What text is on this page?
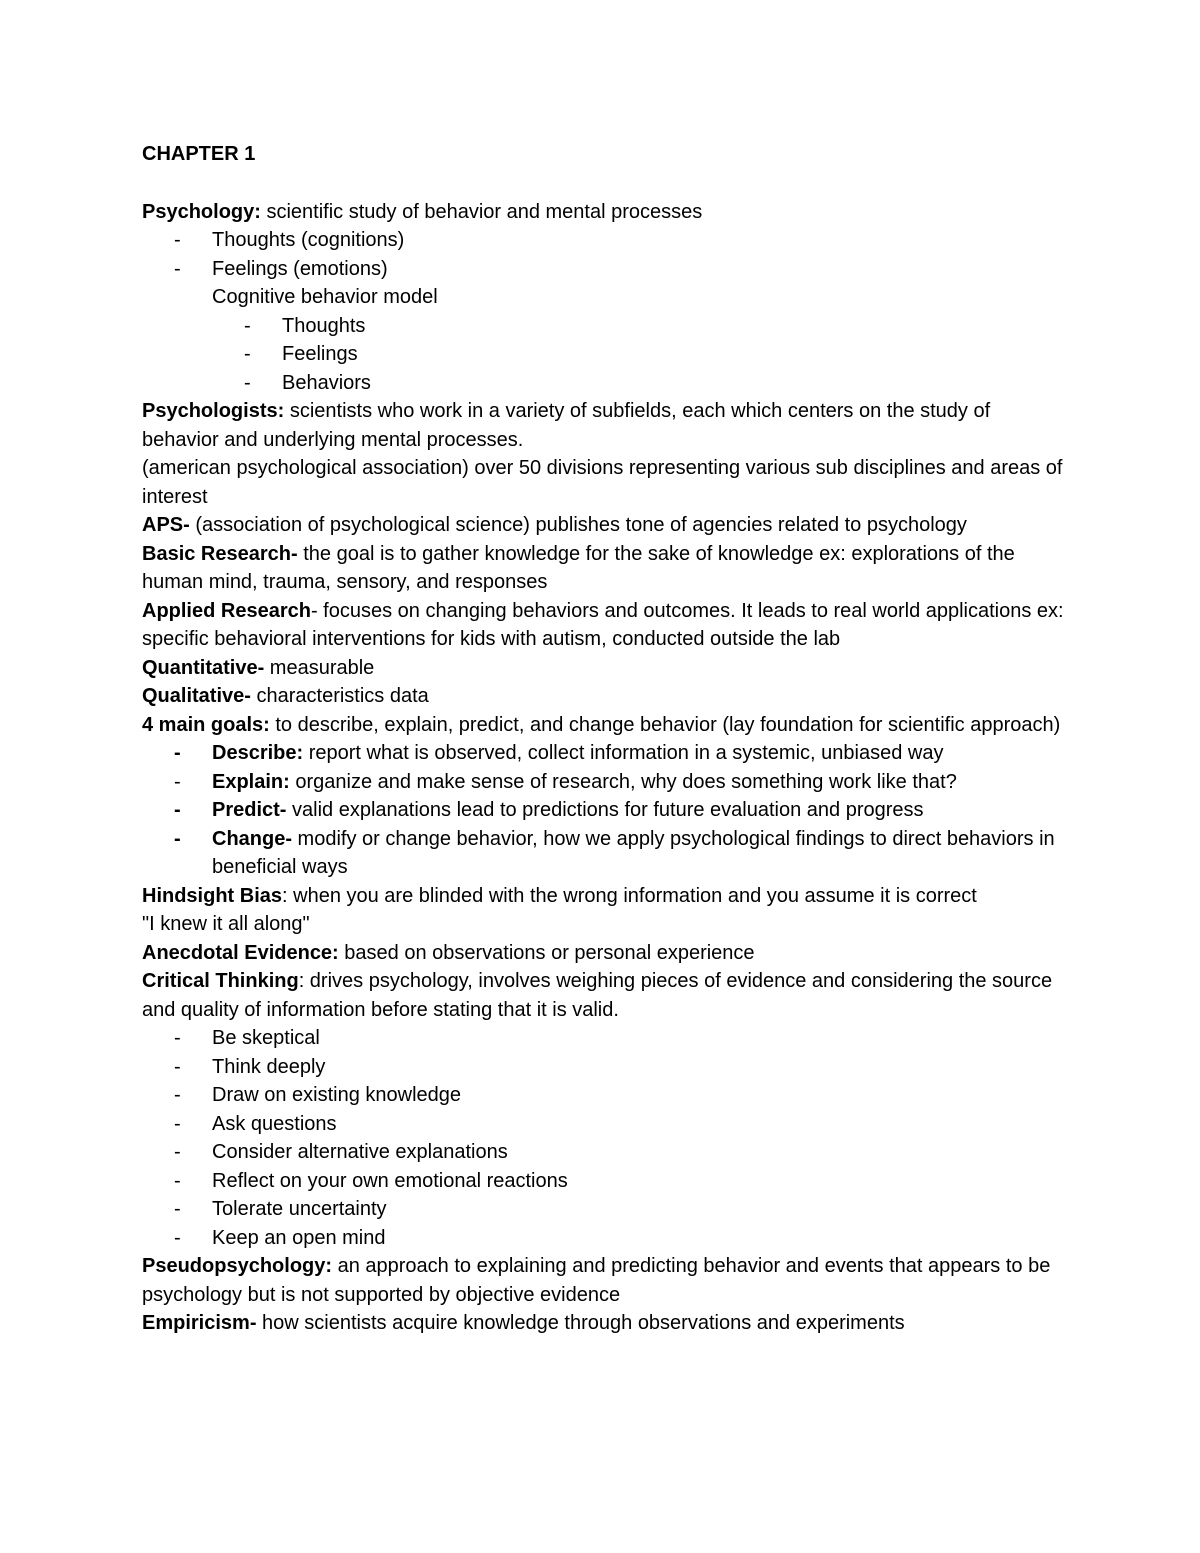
CHAPTER 1

Psychology: scientific study of behavior and mental processes

- Thoughts (cognitions)

- Feelings (emotions)

Cognitive behavior model

- Thoughts

- Feelings

- Behaviors

Psychologists: scientists who work in a variety of subfields, each which centers on the study of behavior and underlying mental processes.

(american psychological association) over 50 divisions representing various sub disciplines and areas of interest

APS- (association of psychological science) publishes tone of agencies related to psychology

Basic Research- the goal is to gather knowledge for the sake of knowledge ex: explorations of the human mind, trauma, sensory, and responses

Applied Research- focuses on changing behaviors and outcomes. It leads to real world applications ex: specific behavioral interventions for kids with autism, conducted outside the lab

Quantitative- measurable

Qualitative- characteristics data

4 main goals: to describe, explain, predict, and change behavior (lay foundation for scientific approach)

- Describe: report what is observed, collect information in a systemic, unbiased way

- Explain: organize and make sense of research, why does something work like that?

- Predict- valid explanations lead to predictions for future evaluation and progress

- Change- modify or change behavior, how we apply psychological findings to direct behaviors in beneficial ways

Hindsight Bias: when you are blinded with the wrong information and you assume it is correct

"I knew it all along"

Anecdotal Evidence: based on observations or personal experience

Critical Thinking: drives psychology, involves weighing pieces of evidence and considering the source and quality of information before stating that it is valid.

- Be skeptical

- Think deeply

- Draw on existing knowledge

- Ask questions

- Consider alternative explanations

- Reflect on your own emotional reactions

- Tolerate uncertainty

- Keep an open mind

Pseudopsychology: an approach to explaining and predicting behavior and events that appears to be psychology but is not supported by objective evidence

Empiricism- how scientists acquire knowledge through observations and experiments
